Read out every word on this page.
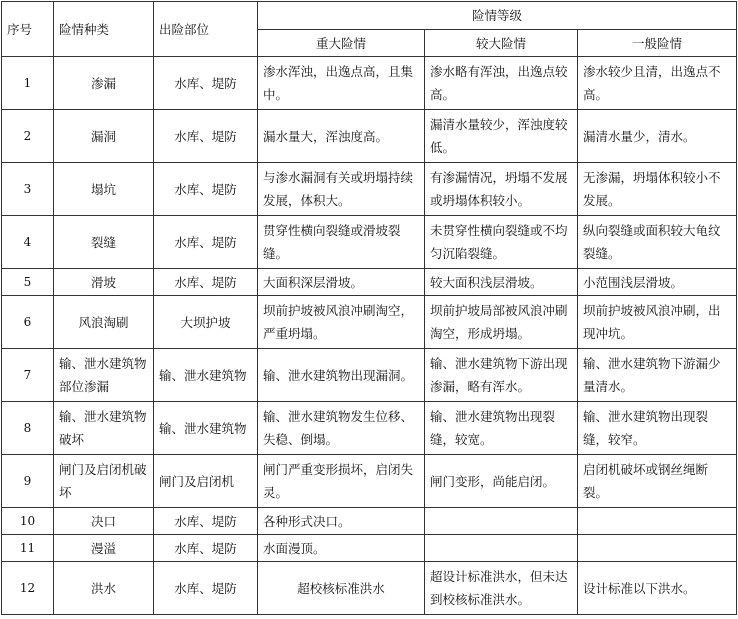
序号	险情种类	出险部位	险情等级		
			重大险情	较大险情	一般险情
1	渗漏	水库、堤防	渗水浑浊，出逸点高，且集中。	渗水略有浑浊，出逸点较高。	渗水较少且清，出逸点不高。
2	漏洞	水库、堤防	漏水量大，浑浊度高。	漏清水量较少，浑浊度较低。	漏清水量少，清水。
3	塌坑	水库、堤防	与渗水漏洞有关或坍塌持续发展，体积大。	有渗漏情况，坍塌不发展或坍塌体积较小。	无渗漏，坍塌体积较小不发展。
4	裂缝	水库、堤防	贯穿性横向裂缝或滑坡裂缝。	未贯穿性横向裂缝或不均匀沉陷裂缝。	纵向裂缝或面积较大龟纹裂缝。
5	滑坡	水库、堤防	大面积深层滑坡。	较大面积浅层滑坡。	小范围浅层滑坡。
6	风浪淘刷	大坝护坡	坝前护坡被风浪冲刷淘空，严重坍塌。	坝前护坡局部被风浪冲刷淘空，形成坍塌。	坝前护坡被风浪冲刷，出现冲坑。
7	输、泄水建筑物部位渗漏	输、泄水建筑物	输、泄水建筑物出现漏洞。	输、泄水建筑物下游出现渗漏，略有浑水。	输、泄水建筑物下游漏少量清水。
8	输、泄水建筑物破坏	输、泄水建筑物	输、泄水建筑物发生位移、失稳、倒塌。	输、泄水建筑物出现裂缝，较宽。	输、泄水建筑物出现裂缝，较窄。
9	闸门及启闭机破坏	闸门及启闭机	闸门严重变形损坏，启闭失灵。	闸门变形，尚能启闭。	启闭机破坏或钢丝绳断裂。
10	决口	水库、堤防	各种形式决口。		
11	漫溢	水库、堤防	水面漫顶。		
12	洪水	水库、堤防	超校核标准洪水	超设计标准洪水，但未达到校核标准洪水。	设计标准以下洪水。
